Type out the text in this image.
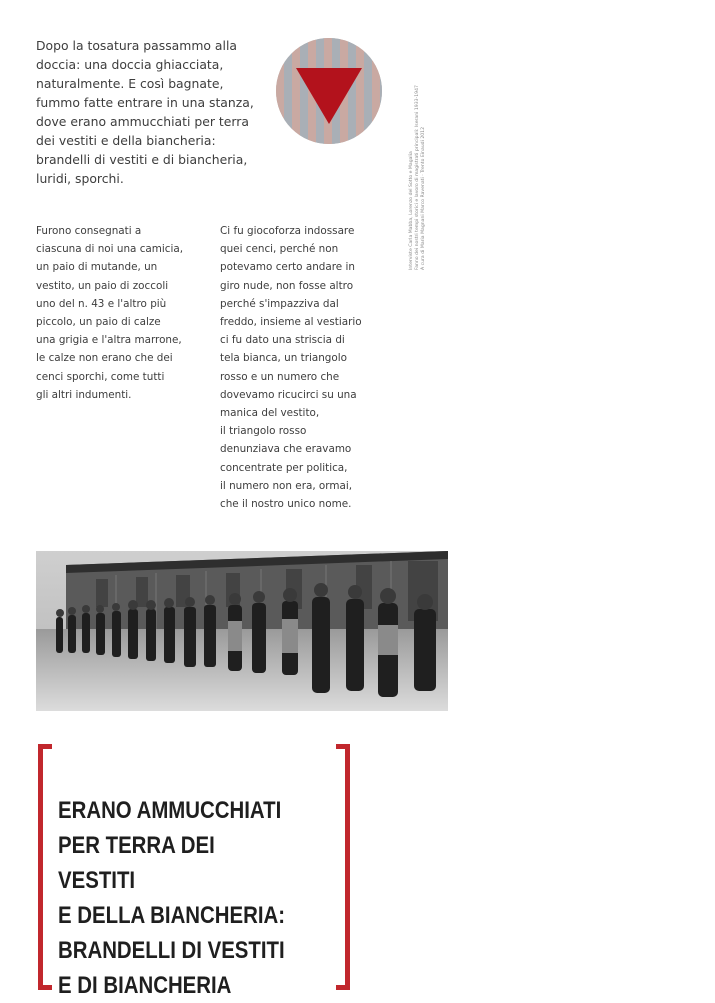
Dopo la tosatura passammo alla doccia: una doccia ghiacciata, naturalmente. E così bagnate, fummo fatte entrare in una stanza, dove erano ammucchiati per terra dei vestiti e della biancheria: brandelli di vestiti e di biancheria, luridi, sporchi.	Interviste Carla Mabba, Lorenzo del Sotto e Magalia Fanno dei nostri tempi storici e lavoro di magistrati principali: Iserani 1933-1947 A cura di Maria Magnani Marco Ravenati · Trento Einaudi 2012

Furono consegnati a
ciascuna di noi una camicia,
un paio di mutande, un
vestito, un paio di zoccoli
uno del n. 43 e l'altro più
piccolo, un paio di calze
una grigia e l'altra marrone,
le calze non erano che dei
cenci sporchi, come tutti
gli altri indumenti.

Ci fu giocoforza indossare
quei cenci, perché non
potevamo certo andare in
giro nude, non fosse altro
perché s'impazziva dal
freddo, insieme al vestiario
ci fu dato una striscia di
tela bianca, un triangolo
rosso e un numero che
dovevamo ricucirci su una
manica del vestito,
il triangolo rosso
denunziava che eravamo
concentrate per politica,
il numero non era, ormai,
che il nostro unico nome.

ERANO AMMUCCHIATI
PER TERRA DEI VESTITI
E DELLA BIANCHERIA:
BRANDELLI DI VESTITI
E DI BIANCHERIA
